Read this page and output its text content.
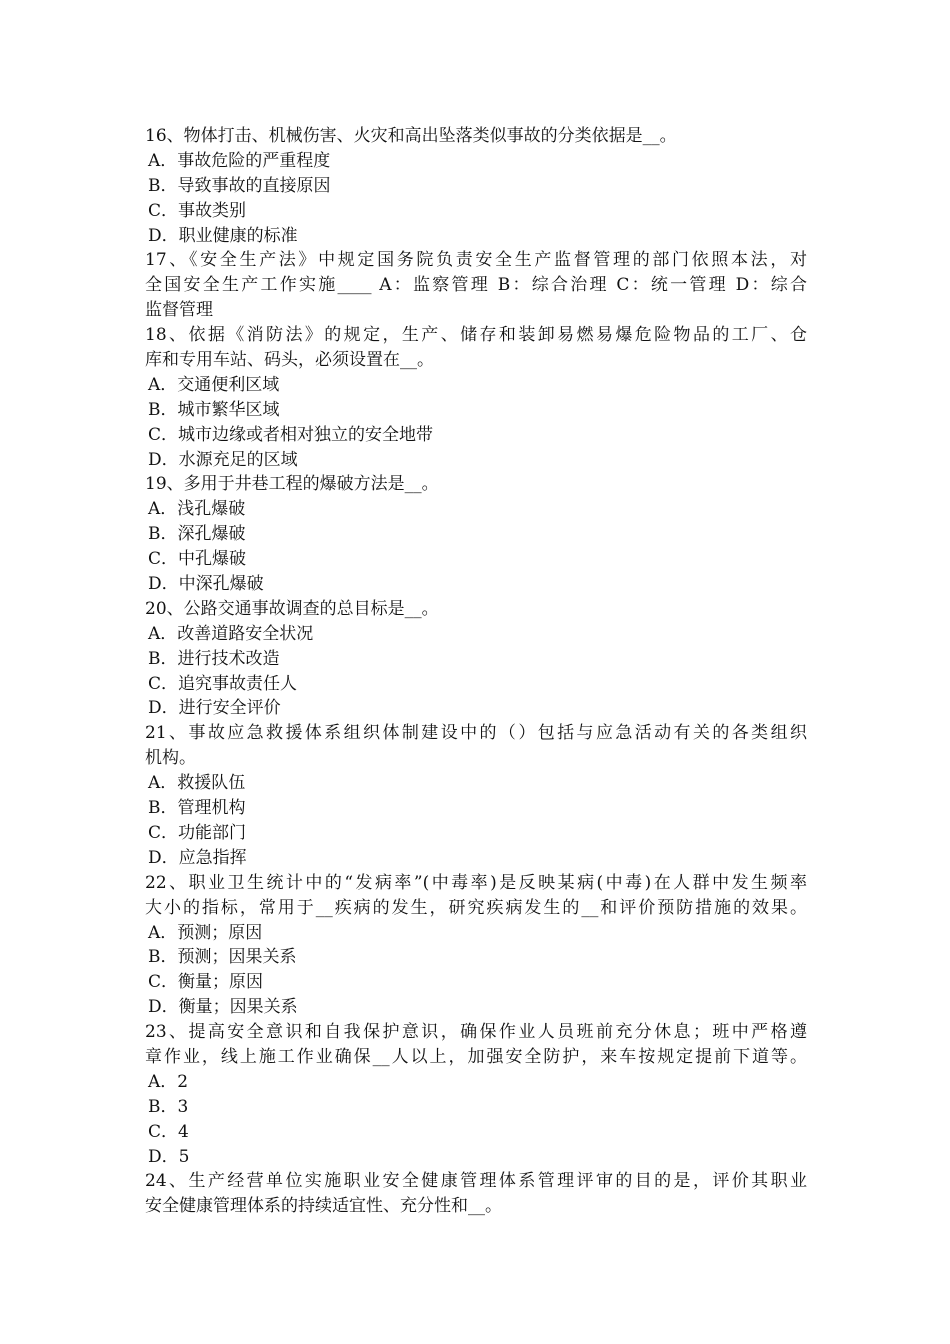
16、物体打击、机械伤害、火灾和高出坠落类似事故的分类依据是__。
A．事故危险的严重程度
B．导致事故的直接原因
C．事故类别
D．职业健康的标准
17、《安全生产法》中规定国务院负责安全生产监督管理的部门依照本法，对
全国安全生产工作实施____ A：监察管理 B：综合治理 C：统一管理 D：综合
监督管理
18、依据《消防法》的规定，生产、储存和装卸易燃易爆危险物品的工厂、仓
库和专用车站、码头，必须设置在__。
A．交通便利区域
B．城市繁华区域
C．城市边缘或者相对独立的安全地带
D．水源充足的区域
19、多用于井巷工程的爆破方法是__。
A．浅孔爆破
B．深孔爆破
C．中孔爆破
D．中深孔爆破
20、公路交通事故调查的总目标是__。
A．改善道路安全状况
B．进行技术改造
C．追究事故责任人
D．进行安全评价
21、事故应急救援体系组织体制建设中的（）包括与应急活动有关的各类组织
机构。
A．救援队伍
B．管理机构
C．功能部门
D．应急指挥
22、职业卫生统计中的“发病率”(中毒率)是反映某病(中毒)在人群中发生频率
大小的指标，常用于__疾病的发生，研究疾病发生的__和评价预防措施的效果。
A．预测；原因
B．预测；因果关系
C．衡量；原因
D．衡量；因果关系
23、提高安全意识和自我保护意识，确保作业人员班前充分休息；班中严格遵
章作业，线上施工作业确保__人以上，加强安全防护，来车按规定提前下道等。
A．2
B．3
C．4
D．5
24、生产经营单位实施职业安全健康管理体系管理评审的目的是，评价其职业
安全健康管理体系的持续适宜性、充分性和__。
